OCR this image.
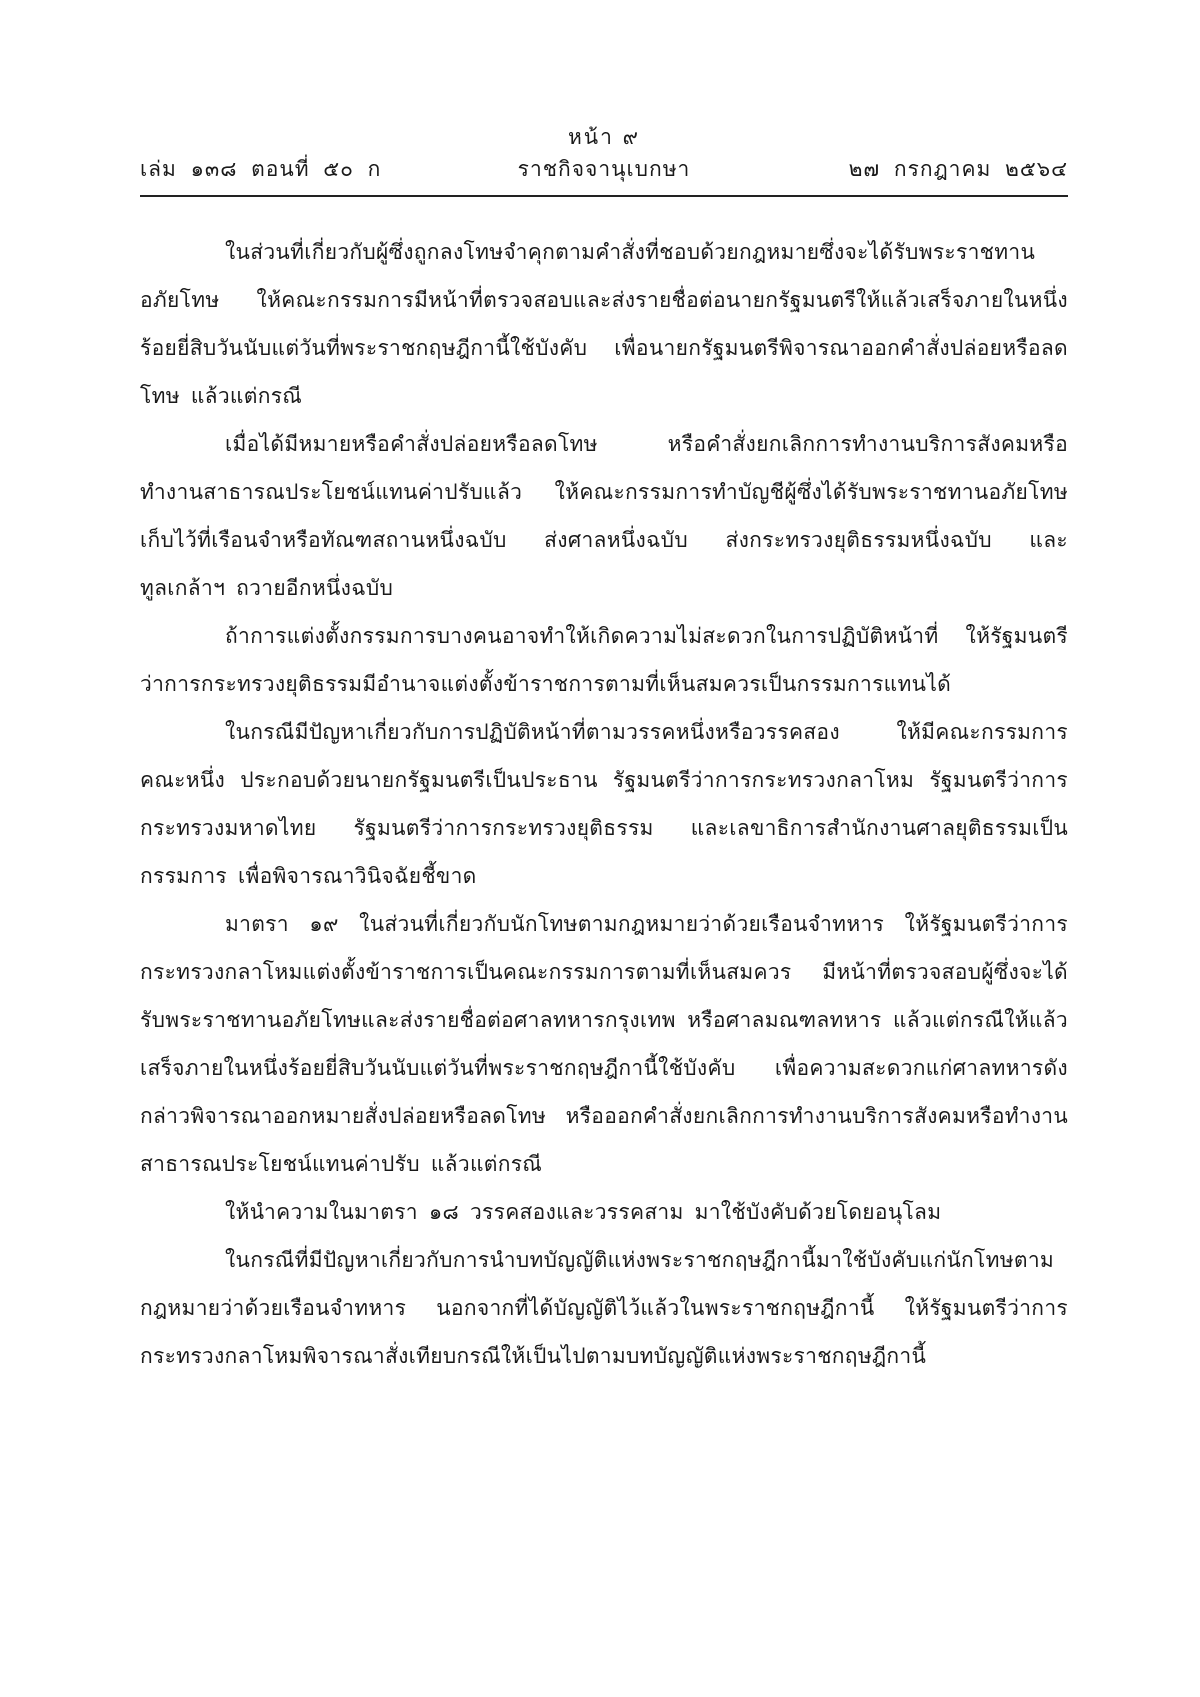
หน้า ๙
เล่ม ๑๓๘ ตอนที่ ๕๐ ก	ราชกิจจานุเบกษา	๒๗ กรกฎาคม ๒๕๖๔

ในส่วนที่เกี่ยวกับผู้ซึ่งถูกลงโทษจำคุกตามคำสั่งที่ชอบด้วยกฎหมายซึ่งจะได้รับพระราชทานอภัยโทษ ให้คณะกรรมการมีหน้าที่ตรวจสอบและส่งรายชื่อต่อนายกรัฐมนตรีให้แล้วเสร็จภายในหนึ่งร้อยยี่สิบวันนับแต่วันที่พระราชกฤษฎีกานี้ใช้บังคับ เพื่อนายกรัฐมนตรีพิจารณาออกคำสั่งปล่อยหรือลดโทษ แล้วแต่กรณี

เมื่อได้มีหมายหรือคำสั่งปล่อยหรือลดโทษ หรือคำสั่งยกเลิกการทำงานบริการสังคมหรือทำงานสาธารณประโยชน์แทนค่าปรับแล้ว ให้คณะกรรมการทำบัญชีผู้ซึ่งได้รับพระราชทานอภัยโทษเก็บไว้ที่เรือนจำหรือทัณฑสถานหนึ่งฉบับ ส่งศาลหนึ่งฉบับ ส่งกระทรวงยุติธรรมหนึ่งฉบับ และทูลเกล้าฯ ถวายอีกหนึ่งฉบับ

ถ้าการแต่งตั้งกรรมการบางคนอาจทำให้เกิดความไม่สะดวกในการปฏิบัติหน้าที่ ให้รัฐมนตรีว่าการกระทรวงยุติธรรมมีอำนาจแต่งตั้งข้าราชการตามที่เห็นสมควรเป็นกรรมการแทนได้

ในกรณีมีปัญหาเกี่ยวกับการปฏิบัติหน้าที่ตามวรรคหนึ่งหรือวรรคสอง ให้มีคณะกรรมการคณะหนึ่ง ประกอบด้วยนายกรัฐมนตรีเป็นประธาน รัฐมนตรีว่าการกระทรวงกลาโหม รัฐมนตรีว่าการกระทรวงมหาดไทย รัฐมนตรีว่าการกระทรวงยุติธรรม และเลขาธิการสำนักงานศาลยุติธรรมเป็นกรรมการ เพื่อพิจารณาวินิจฉัยชี้ขาด

มาตรา ๑๙ ในส่วนที่เกี่ยวกับนักโทษตามกฎหมายว่าด้วยเรือนจำทหาร ให้รัฐมนตรีว่าการกระทรวงกลาโหมแต่งตั้งข้าราชการเป็นคณะกรรมการตามที่เห็นสมควร มีหน้าที่ตรวจสอบผู้ซึ่งจะได้รับพระราชทานอภัยโทษและส่งรายชื่อต่อศาลทหารกรุงเทพ หรือศาลมณฑลทหาร แล้วแต่กรณีให้แล้วเสร็จภายในหนึ่งร้อยยี่สิบวันนับแต่วันที่พระราชกฤษฎีกานี้ใช้บังคับ เพื่อความสะดวกแก่ศาลทหารดังกล่าวพิจารณาออกหมายสั่งปล่อยหรือลดโทษ หรือออกคำสั่งยกเลิกการทำงานบริการสังคมหรือทำงานสาธารณประโยชน์แทนค่าปรับ แล้วแต่กรณี

ให้นำความในมาตรา ๑๘ วรรคสองและวรรคสาม มาใช้บังคับด้วยโดยอนุโลม

ในกรณีที่มีปัญหาเกี่ยวกับการนำบทบัญญัติแห่งพระราชกฤษฎีกานี้มาใช้บังคับแก่นักโทษตามกฎหมายว่าด้วยเรือนจำทหาร นอกจากที่ได้บัญญัติไว้แล้วในพระราชกฤษฎีกานี้ ให้รัฐมนตรีว่าการกระทรวงกลาโหมพิจารณาสั่งเทียบกรณีให้เป็นไปตามบทบัญญัติแห่งพระราชกฤษฎีกานี้
